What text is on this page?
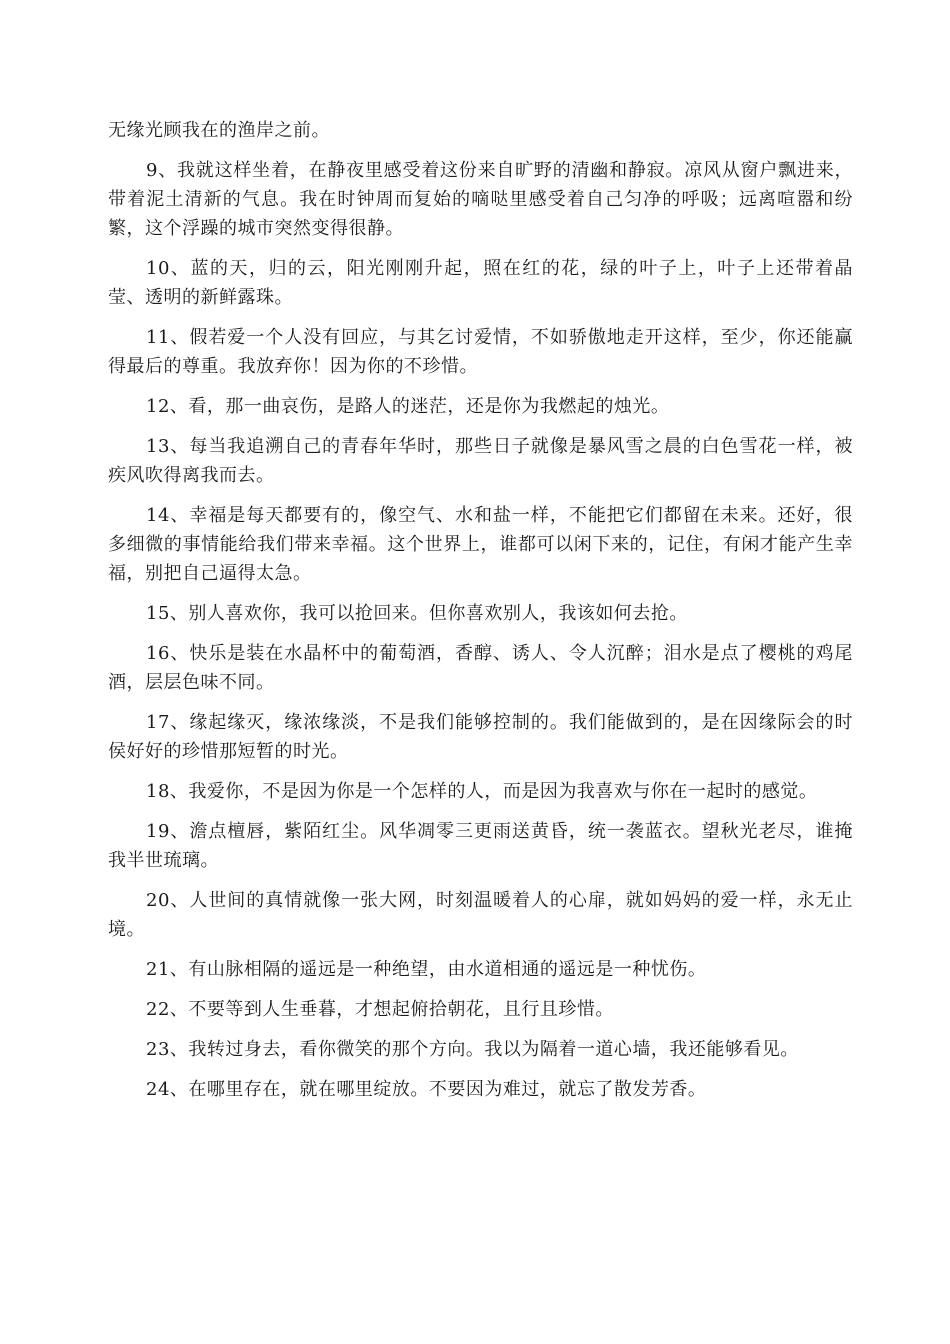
无缘光顾我在的渔岸之前。

9、我就这样坐着，在静夜里感受着这份来自旷野的清幽和静寂。凉风从窗户飘进来，带着泥土清新的气息。我在时钟周而复始的嘀哒里感受着自己匀净的呼吸；远离喧嚣和纷繁，这个浮躁的城市突然变得很静。

10、蓝的天，归的云，阳光刚刚升起，照在红的花，绿的叶子上，叶子上还带着晶莹、透明的新鲜露珠。

11、假若爱一个人没有回应，与其乞讨爱情，不如骄傲地走开这样，至少，你还能赢得最后的尊重。我放弃你！因为你的不珍惜。

12、看，那一曲哀伤，是路人的迷茫，还是你为我燃起的烛光。

13、每当我追溯自己的青春年华时，那些日子就像是暴风雪之晨的白色雪花一样，被疾风吹得离我而去。

14、幸福是每天都要有的，像空气、水和盐一样，不能把它们都留在未来。还好，很多细微的事情能给我们带来幸福。这个世界上，谁都可以闲下来的，记住，有闲才能产生幸福，别把自己逼得太急。

15、别人喜欢你，我可以抢回来。但你喜欢别人，我该如何去抢。

16、快乐是装在水晶杯中的葡萄酒，香醇、诱人、令人沉醉；泪水是点了樱桃的鸡尾酒，层层色味不同。

17、缘起缘灭，缘浓缘淡，不是我们能够控制的。我们能做到的，是在因缘际会的时侯好好的珍惜那短暂的时光。

18、我爱你，不是因为你是一个怎样的人，而是因为我喜欢与你在一起时的感觉。

19、澹点檀唇，紫陌红尘。风华凋零三更雨送黄昏，统一袭蓝衣。望秋光老尽，谁掩我半世琉璃。

20、人世间的真情就像一张大网，时刻温暖着人的心扉，就如妈妈的爱一样，永无止境。

21、有山脉相隔的遥远是一种绝望，由水道相通的遥远是一种忧伤。

22、不要等到人生垂暮，才想起俯拾朝花，且行且珍惜。

23、我转过身去，看你微笑的那个方向。我以为隔着一道心墙，我还能够看见。

24、在哪里存在，就在哪里绽放。不要因为难过，就忘了散发芳香。
